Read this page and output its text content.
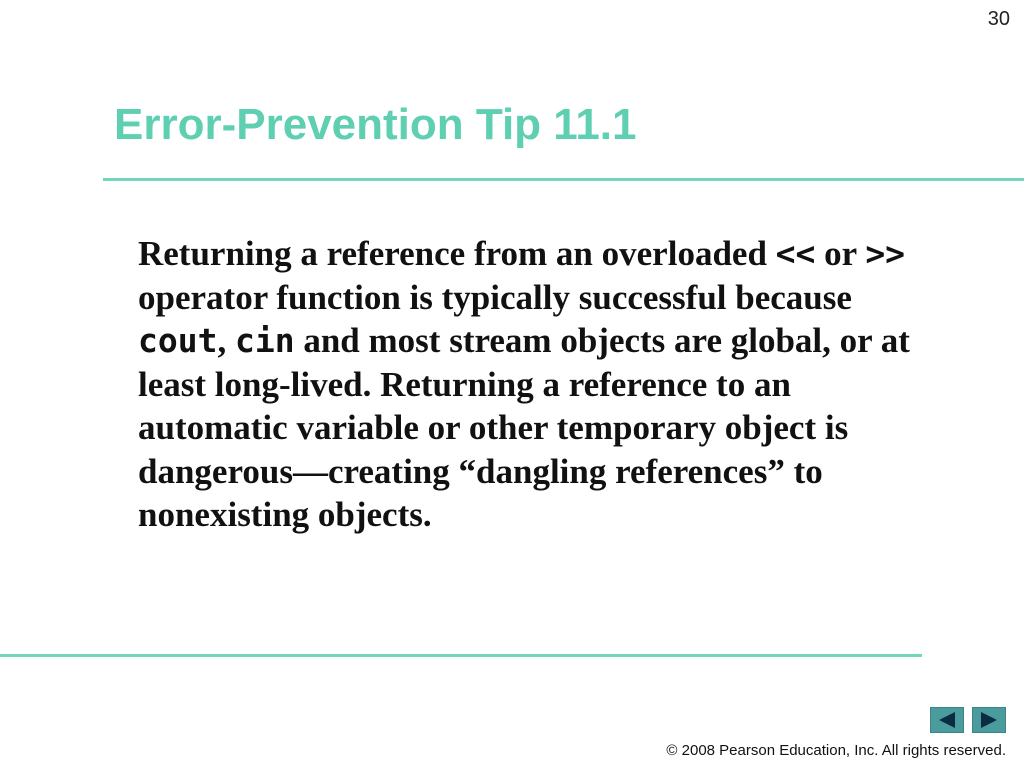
30
Error-Prevention Tip 11.1

Returning a reference from an overloaded << or >> operator function is typically successful because cout, cin and most stream objects are global, or at least long-lived. Returning a reference to an automatic variable or other temporary object is dangerous—creating “dangling references” to nonexisting objects.

© 2008 Pearson Education, Inc. All rights reserved.
